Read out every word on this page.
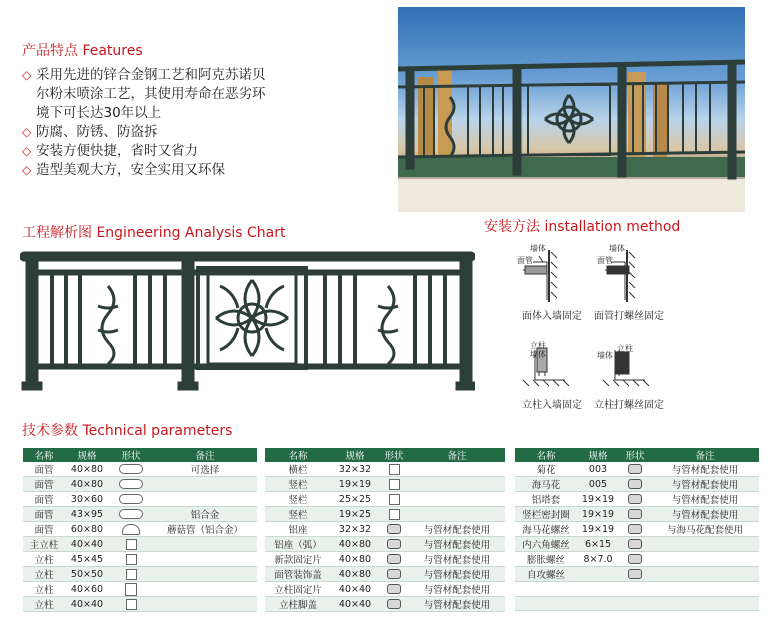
产品特点 Features
◇ 采用先进的锌合金钢工艺和阿克苏诺贝
尔粉末喷涂工艺，其使用寿命在恶劣环
境下可长达30年以上
◇ 防腐、防锈、防盗拆
◇ 安装方便快捷，省时又省力
◇ 造型美观大方，安全实用又环保
工程解析图 Engineering Analysis Chart	安装方法 installation method
墙体
面管	面管
墙体
立柱
墙体
立柱
墙体
面体入墙固定 面管打螺丝固定
立柱入墙固定 立柱打螺丝固定
技术参数 Technical parameters
名称	规格	形状	备注
面管	40×80		可选择
面管	40×80		
面管	30×60		
面管	43×95		铝合金
面管	60×80		蘑菇管（铝合金）
主立柱	40×40		
立柱	45×45		
立柱	50×50		
立柱	40×60		
立柱	40×40		
名称	规格	形状	备注
横栏	32×32		
竖栏	19×19		
竖栏	25×25		
竖栏	19×25		
铝座	32×32		与管材配套使用
铝座（弧）	40×80		与管材配套使用
新款固定片	40×80		与管材配套使用
面管装饰盖	40×80		与管材配套使用
立柱固定片	40×40		与管材配套使用
立柱脚盖	40×40		与管材配套使用
名称	规格	形状	备注
菊花	003		与管材配套使用
海马花	005		与管材配套使用
铝塔套	19×19		与管材配套使用
竖栏密封圈	19×19		与管材配套使用
海马花螺丝	19×19		与海马花配套使用
内六角螺丝	6×15		
膨胀螺丝	8×7.0		
自攻螺丝			
